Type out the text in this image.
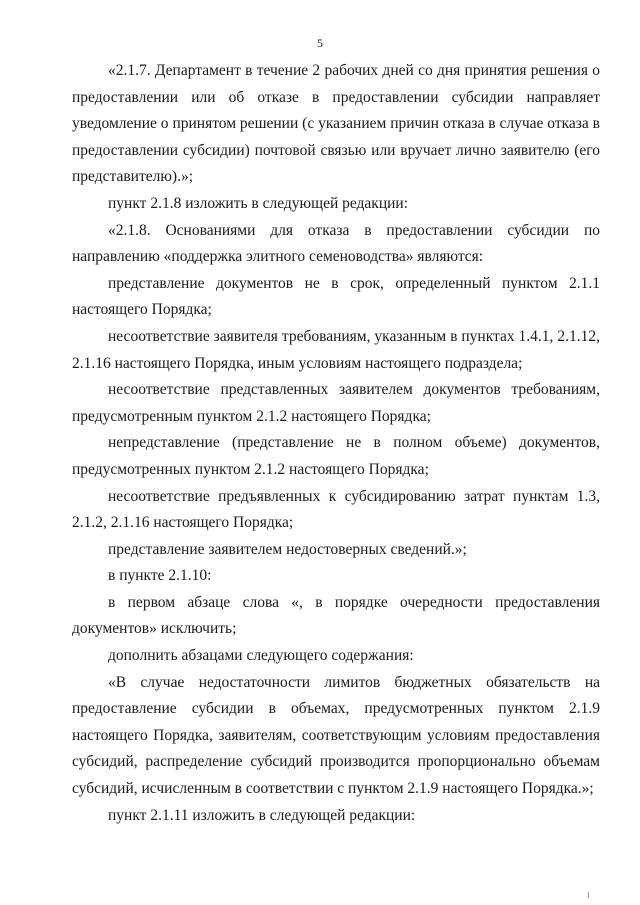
5

«2.1.7. Департамент в течение 2 рабочих дней со дня принятия решения о предоставлении или об отказе в предоставлении субсидии направляет уведомление о принятом решении (с указанием причин отказа в случае отказа в предоставлении субсидии) почтовой связью или вручает лично заявителю (его представителю).»;

пункт 2.1.8 изложить в следующей редакции:

«2.1.8. Основаниями для отказа в предоставлении субсидии по направлению «поддержка элитного семеноводства» являются:

представление документов не в срок, определенный пунктом 2.1.1 настоящего Порядка;

несоответствие заявителя требованиям, указанным в пунктах 1.4.1, 2.1.12, 2.1.16 настоящего Порядка, иным условиям настоящего подраздела;

несоответствие представленных заявителем документов требованиям, предусмотренным пунктом 2.1.2 настоящего Порядка;

непредставление (представление не в полном объеме) документов, предусмотренных пунктом 2.1.2 настоящего Порядка;

несоответствие предъявленных к субсидированию затрат пунктам 1.3, 2.1.2, 2.1.16 настоящего Порядка;

представление заявителем недостоверных сведений.»;

в пункте 2.1.10:

в первом абзаце слова «, в порядке очередности предоставления документов» исключить;

дополнить абзацами следующего содержания:

«В случае недостаточности лимитов бюджетных обязательств на предоставление субсидии в объемах, предусмотренных пунктом 2.1.9 настоящего Порядка, заявителям, соответствующим условиям предоставления субсидий, распределение субсидий производится пропорционально объемам субсидий, исчисленным в соответствии с пунктом 2.1.9 настоящего Порядка.»;

пункт 2.1.11 изложить в следующей редакции:
